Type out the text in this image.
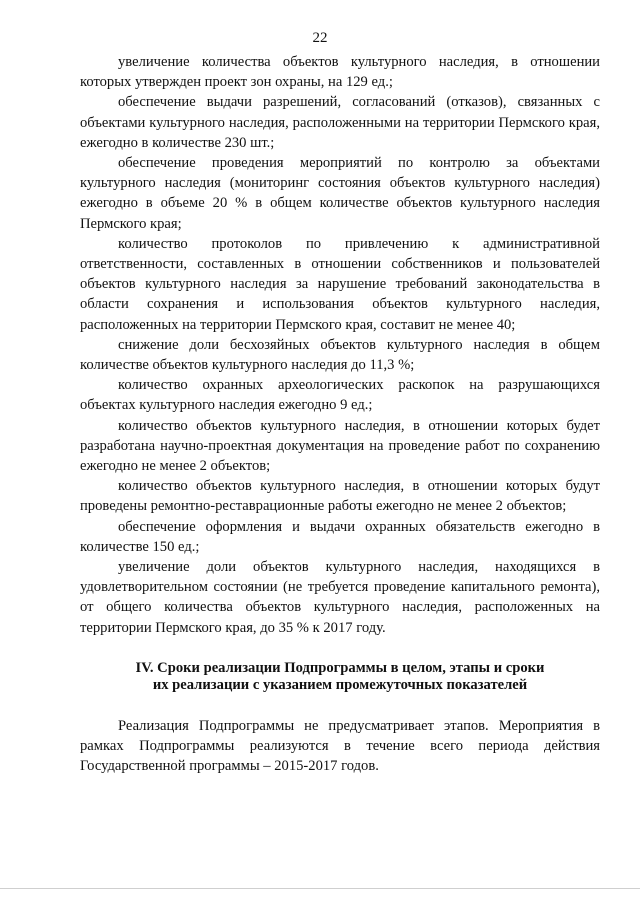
22

увеличение количества объектов культурного наследия, в отношении которых утвержден проект зон охраны, на 129 ед.;

обеспечение выдачи разрешений, согласований (отказов), связанных с объектами культурного наследия, расположенными на территории Пермского края, ежегодно в количестве 230 шт.;

обеспечение проведения мероприятий по контролю за объектами культурного наследия (мониторинг состояния объектов культурного наследия) ежегодно в объеме 20 % в общем количестве объектов культурного наследия Пермского края;

количество протоколов по привлечению к административной ответственности, составленных в отношении собственников и пользователей объектов культурного наследия за нарушение требований законодательства в области сохранения и использования объектов культурного наследия, расположенных на территории Пермского края, составит не менее 40;

снижение доли бесхозяйных объектов культурного наследия в общем количестве объектов культурного наследия до 11,3 %;

количество охранных археологических раскопок на разрушающихся объектах культурного наследия ежегодно 9 ед.;

количество объектов культурного наследия, в отношении которых будет разработана научно-проектная документация на проведение работ по сохранению ежегодно не менее 2 объектов;

количество объектов культурного наследия, в отношении которых будут проведены ремонтно-реставрационные работы ежегодно не менее 2 объектов;

обеспечение оформления и выдачи охранных обязательств ежегодно в количестве 150 ед.;

увеличение доли объектов культурного наследия, находящихся в удовлетворительном состоянии (не требуется проведение капитального ремонта), от общего количества объектов культурного наследия, расположенных на территории Пермского края, до 35 % к 2017 году.

IV. Сроки реализации Подпрограммы в целом, этапы и сроки
их реализации с указанием промежуточных показателей

Реализация Подпрограммы не предусматривает этапов. Мероприятия в рамках Подпрограммы реализуются в течение всего периода действия Государственной программы – 2015-2017 годов.
